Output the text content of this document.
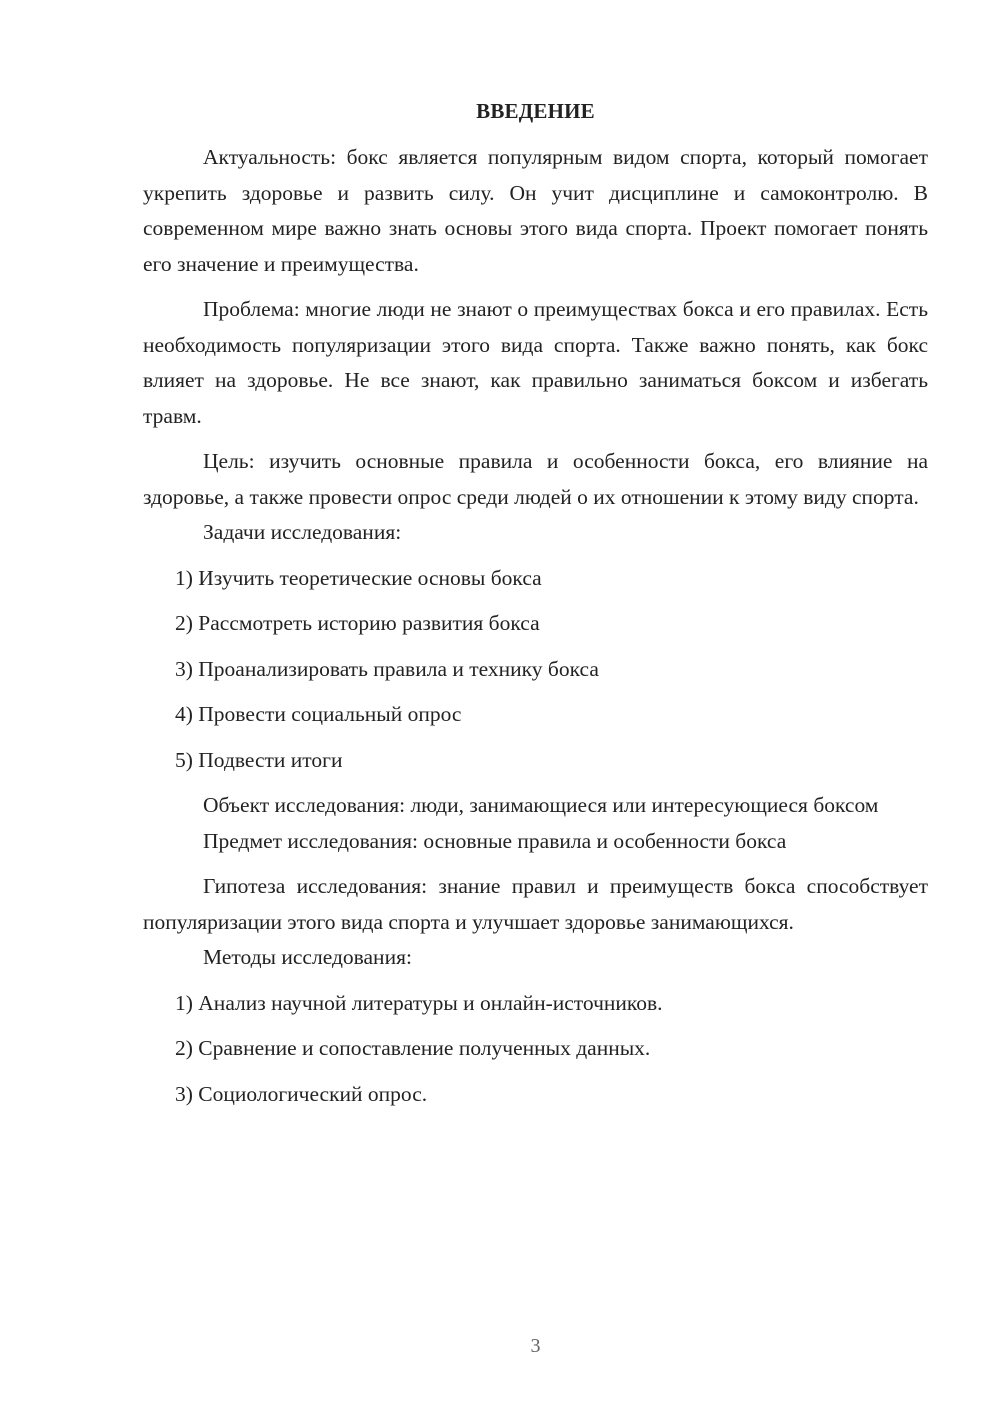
ВВЕДЕНИЕ

Актуальность: бокс является популярным видом спорта, который помогает укрепить здоровье и развить силу. Он учит дисциплине и самоконтролю. В современном мире важно знать основы этого вида спорта. Проект помогает понять его значение и преимущества.

Проблема: многие люди не знают о преимуществах бокса и его правилах. Есть необходимость популяризации этого вида спорта. Также важно понять, как бокс влияет на здоровье. Не все знают, как правильно заниматься боксом и избегать травм.

Цель: изучить основные правила и особенности бокса, его влияние на здоровье, а также провести опрос среди людей о их отношении к этому виду спорта.

Задачи исследования:

1) Изучить теоретические основы бокса

2) Рассмотреть историю развития бокса

3) Проанализировать правила и технику бокса

4) Провести социальный опрос

5) Подвести итоги

Объект исследования: люди, занимающиеся или интересующиеся боксом

Предмет исследования: основные правила и особенности бокса

Гипотеза исследования: знание правил и преимуществ бокса способствует популяризации этого вида спорта и улучшает здоровье занимающихся.

Методы исследования:

1) Анализ научной литературы и онлайн-источников.

2) Сравнение и сопоставление полученных данных.

3) Социологический опрос.

3
